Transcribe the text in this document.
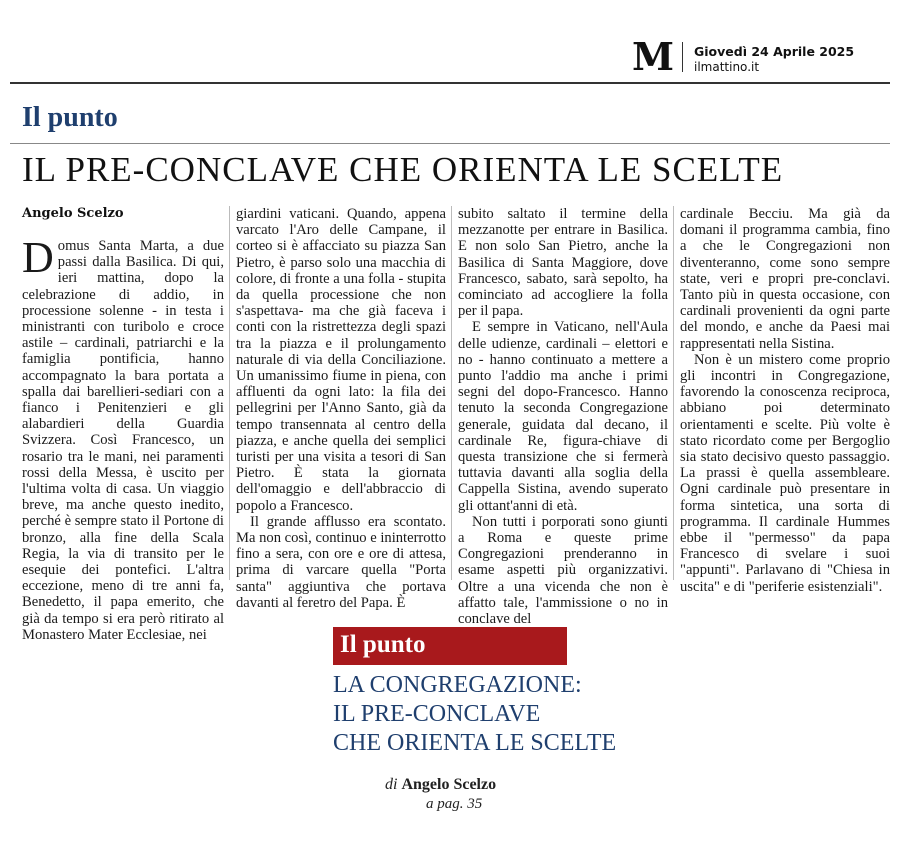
M Giovedì 24 Aprile 2025
ilmattino.it
Il punto
IL PRE-CONCLAVE CHE ORIENTA LE SCELTE
Angelo Scelzo

Domus Santa Marta, a due passi dalla Basilica. Di qui, ieri mattina, dopo la celebrazione di addio, in processione solenne - in testa i ministranti con turibolo e croce astile – cardinali, patriarchi e la famiglia pontificia, hanno accompagnato la bara portata a spalla dai barellieri-sediari con a fianco i Penitenzieri e gli alabardieri della Guardia Svizzera. Così Francesco, un rosario tra le mani, nei paramenti rossi della Messa, è uscito per l'ultima volta di casa. Un viaggio breve, ma anche questo inedito, perché è sempre stato il Portone di bronzo, alla fine della Scala Regia, la via di transito per le esequie dei pontefici. L'altra eccezione, meno di tre anni fa, Benedetto, il papa emerito, che già da tempo si era però ritirato al Monastero Mater Ecclesiae, nei

giardini vaticani. Quando, appena varcato l'Aro delle Campane, il corteo si è affacciato su piazza San Pietro, è parso solo una macchia di colore, di fronte a una folla - stupita da quella processione che non s'aspettava- ma che già faceva i conti con la ristrettezza degli spazi tra la piazza e il prolungamento naturale di via della Conciliazione. Un umanissimo fiume in piena, con affluenti da ogni lato: la fila dei pellegrini per l'Anno Santo, già da tempo transennata al centro della piazza, e anche quella dei semplici turisti per una visita a tesori di San Pietro. È stata la giornata dell'omaggio e dell'abbraccio di popolo a Francesco.

Il grande afflusso era scontato. Ma non così, continuo e ininterrotto fino a sera, con ore e ore di attesa, prima di varcare quella "Porta santa" aggiuntiva che portava davanti al feretro del Papa. È

subito saltato il termine della mezzanotte per entrare in Basilica. E non solo San Pietro, anche la Basilica di Santa Maggiore, dove Francesco, sabato, sarà sepolto, ha cominciato ad accogliere la folla per il papa.

E sempre in Vaticano, nell'Aula delle udienze, cardinali – elettori e no - hanno continuato a mettere a punto l'addio ma anche i primi segni del dopo-Francesco. Hanno tenuto la seconda Congregazione generale, guidata dal decano, il cardinale Re, figura-chiave di questa transizione che si fermerà tuttavia davanti alla soglia della Cappella Sistina, avendo superato gli ottant'anni di età.

Non tutti i porporati sono giunti a Roma e queste prime Congregazioni prenderanno in esame aspetti più organizzativi. Oltre a una vicenda che non è affatto tale, l'ammissione o no in conclave del

cardinale Becciu. Ma già da domani il programma cambia, fino a che le Congregazioni non diventeranno, come sono sempre state, veri e propri pre-conclavi. Tanto più in questa occasione, con cardinali provenienti da ogni parte del mondo, e anche da Paesi mai rappresentati nella Sistina.

Non è un mistero come proprio gli incontri in Congregazione, favorendo la conoscenza reciproca, abbiano poi determinato orientamenti e scelte. Più volte è stato ricordato come per Bergoglio sia stato decisivo questo passaggio. La prassi è quella assembleare. Ogni cardinale può presentare in forma sintetica, una sorta di programma. Il cardinale Hummes ebbe il "permesso" da papa Francesco di svelare i suoi "appunti". Parlavano di "Chiesa in uscita" e di "periferie esistenziali".

Il punto
LA CONGREGAZIONE:
IL PRE-CONCLAVE
CHE ORIENTA LE SCELTE
di Angelo Scelzo
a pag. 35
